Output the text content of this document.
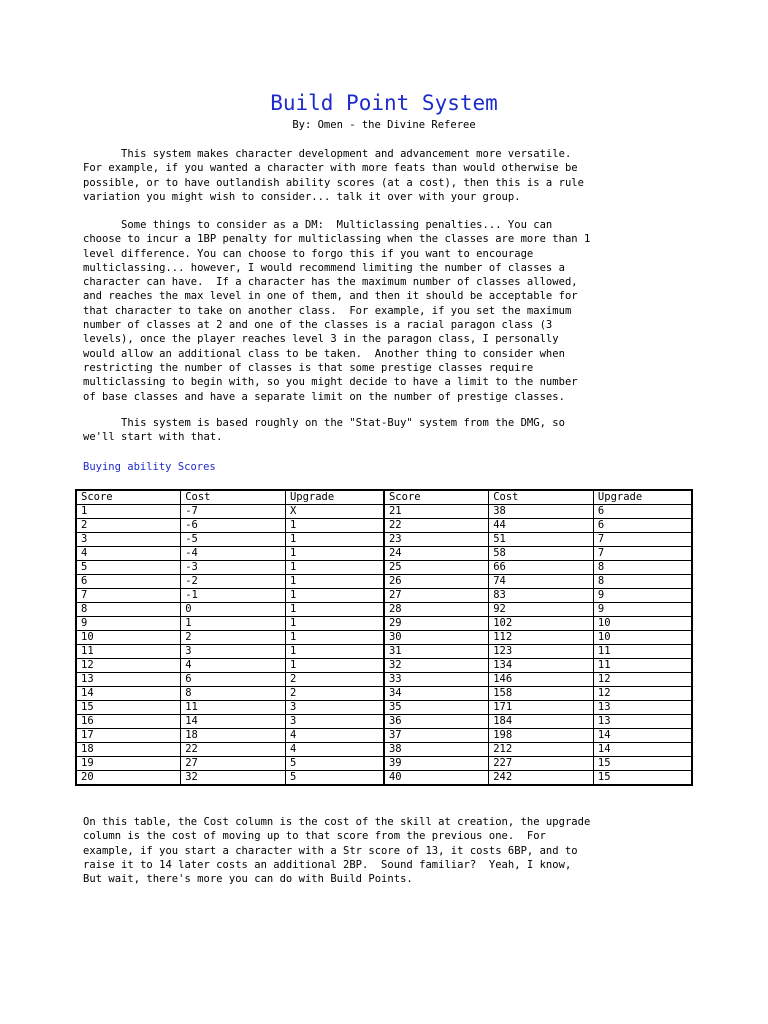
Build Point System
By: Omen - the Divine Referee

This system makes character development and advancement more versatile.
For example, if you wanted a character with more feats than would otherwise be
possible, or to have outlandish ability scores (at a cost), then this is a rule
variation you might wish to consider... talk it over with your group.

Some things to consider as a DM:  Multiclassing penalties... You can
choose to incur a 1BP penalty for multiclassing when the classes are more than 1
level difference. You can choose to forgo this if you want to encourage
multiclassing... however, I would recommend limiting the number of classes a
character can have.  If a character has the maximum number of classes allowed,
and reaches the max level in one of them, and then it should be acceptable for
that character to take on another class.  For example, if you set the maximum
number of classes at 2 and one of the classes is a racial paragon class (3
levels), once the player reaches level 3 in the paragon class, I personally
would allow an additional class to be taken.  Another thing to consider when
restricting the number of classes is that some prestige classes require
multiclassing to begin with, so you might decide to have a limit to the number
of base classes and have a separate limit on the number of prestige classes.

This system is based roughly on the "Stat-Buy" system from the DMG, so
we'll start with that.

Buying ability Scores
Score	Cost	Upgrade	Score	Cost	Upgrade
1	-7	X	21	38	6
2	-6	1	22	44	6
3	-5	1	23	51	7
4	-4	1	24	58	7
5	-3	1	25	66	8
6	-2	1	26	74	8
7	-1	1	27	83	9
8	0	1	28	92	9
9	1	1	29	102	10
10	2	1	30	112	10
11	3	1	31	123	11
12	4	1	32	134	11
13	6	2	33	146	12
14	8	2	34	158	12
15	11	3	35	171	13
16	14	3	36	184	13
17	18	4	37	198	14
18	22	4	38	212	14
19	27	5	39	227	15
20	32	5	40	242	15

On this table, the Cost column is the cost of the skill at creation, the upgrade
column is the cost of moving up to that score from the previous one.  For
example, if you start a character with a Str score of 13, it costs 6BP, and to
raise it to 14 later costs an additional 2BP.  Sound familiar?  Yeah, I know,
But wait, there's more you can do with Build Points.
